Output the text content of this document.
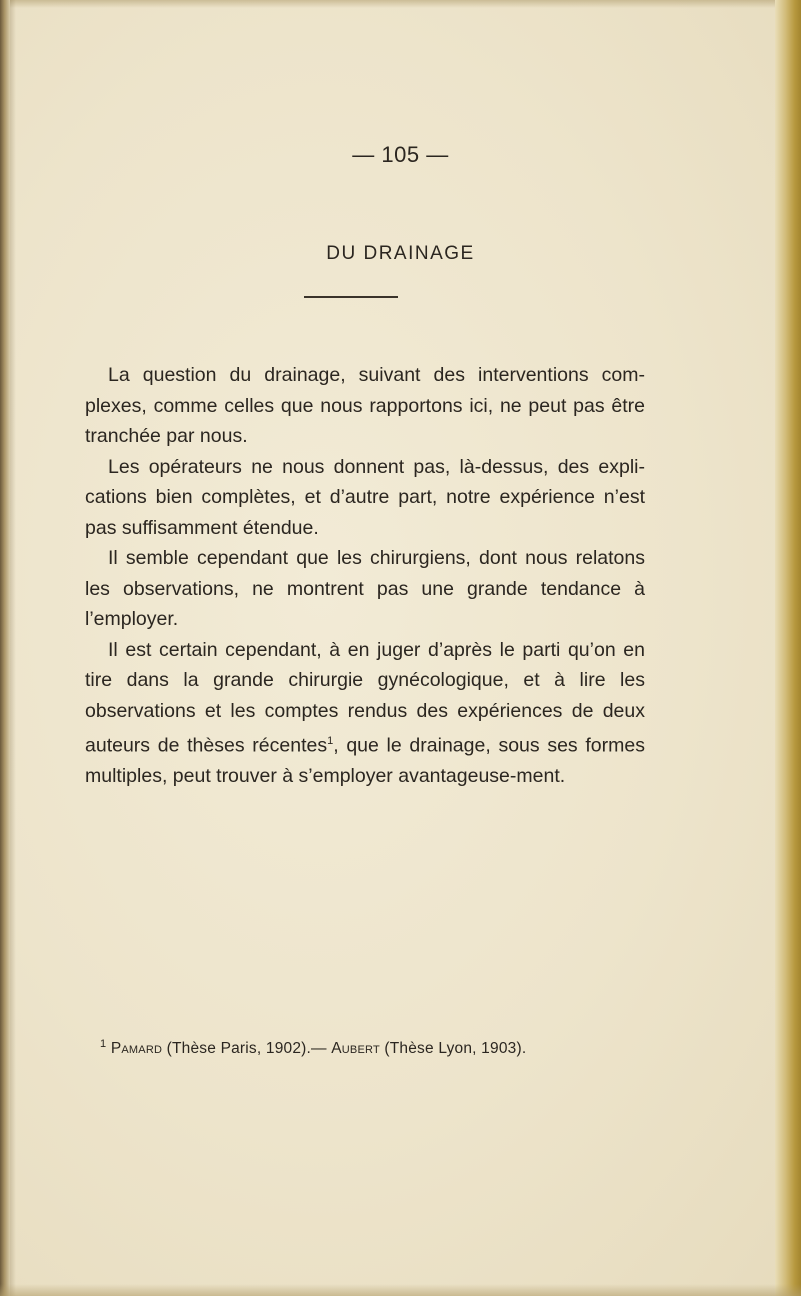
— 105 —
DU DRAINAGE

La question du drainage, suivant des interventions com-plexes, comme celles que nous rapportons ici, ne peut pas être tranchée par nous.

Les opérateurs ne nous donnent pas, là-dessus, des expli-cations bien complètes, et d’autre part, notre expérience n’est pas suffisamment étendue.

Il semble cependant que les chirurgiens, dont nous relatons les observations, ne montrent pas une grande tendance à l’employer.

Il est certain cependant, à en juger d’après le parti qu’on en tire dans la grande chirurgie gynécologique, et à lire les observations et les comptes rendus des expériences de deux auteurs de thèses récentes$^1$, que le drainage, sous ses formes multiples, peut trouver à s’employer avantageuse-ment.

$^1$ Pamard (Thèse Paris, 1902).— Aubert (Thèse Lyon, 1903).
